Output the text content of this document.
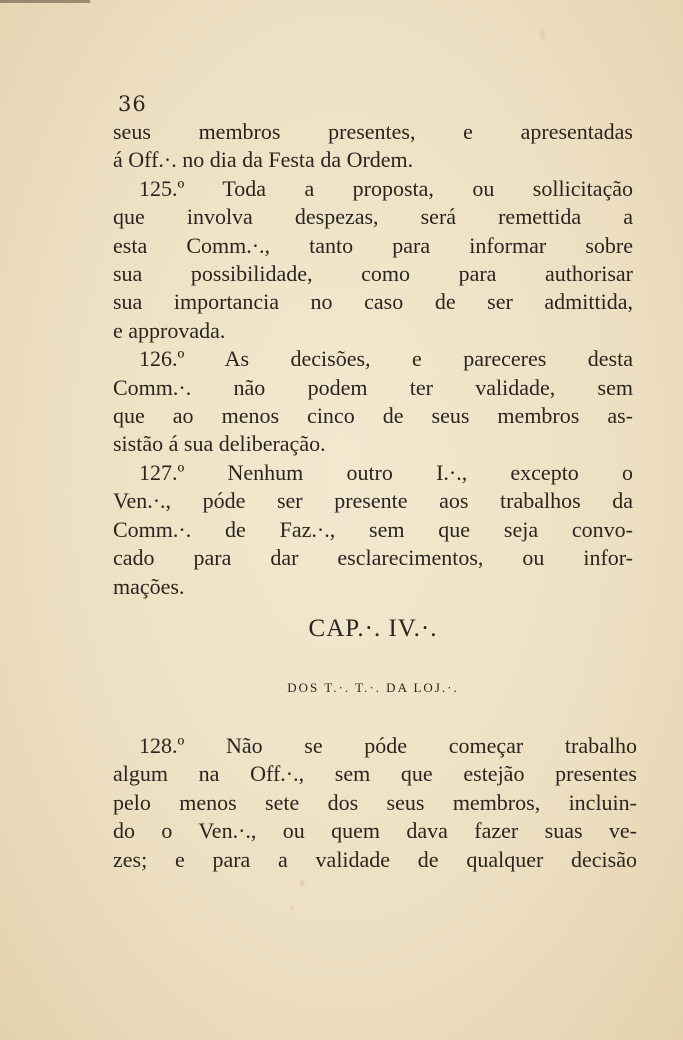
36
seus membros presentes, e apresentadas
á Off.·. no dia da Festa da Ordem.
125.º Toda a proposta, ou sollicitação
que involva despezas, será remettida a
esta Comm.·., tanto para informar sobre
sua possibilidade, como para authorisar
sua importancia no caso de ser admittida,
e approvada.
126.º As decisões, e pareceres desta
Comm.·. não podem ter validade, sem
que ao menos cinco de seus membros as-
sistão á sua deliberação.
127.º Nenhum outro I.·., excepto o
Ven.·., póde ser presente aos trabalhos da
Comm.·. de Faz.·., sem que seja convo-
cado para dar esclarecimentos, ou infor-
mações.
CAP.·. IV.·.
DOS T.·. T.·. DA LOJ.·.
128.º Não se póde começar trabalho
algum na Off.·., sem que estejão presentes
pelo menos sete dos seus membros, incluin-
do o Ven.·., ou quem dava fazer suas ve-
zes; e para a validade de qualquer decisão
